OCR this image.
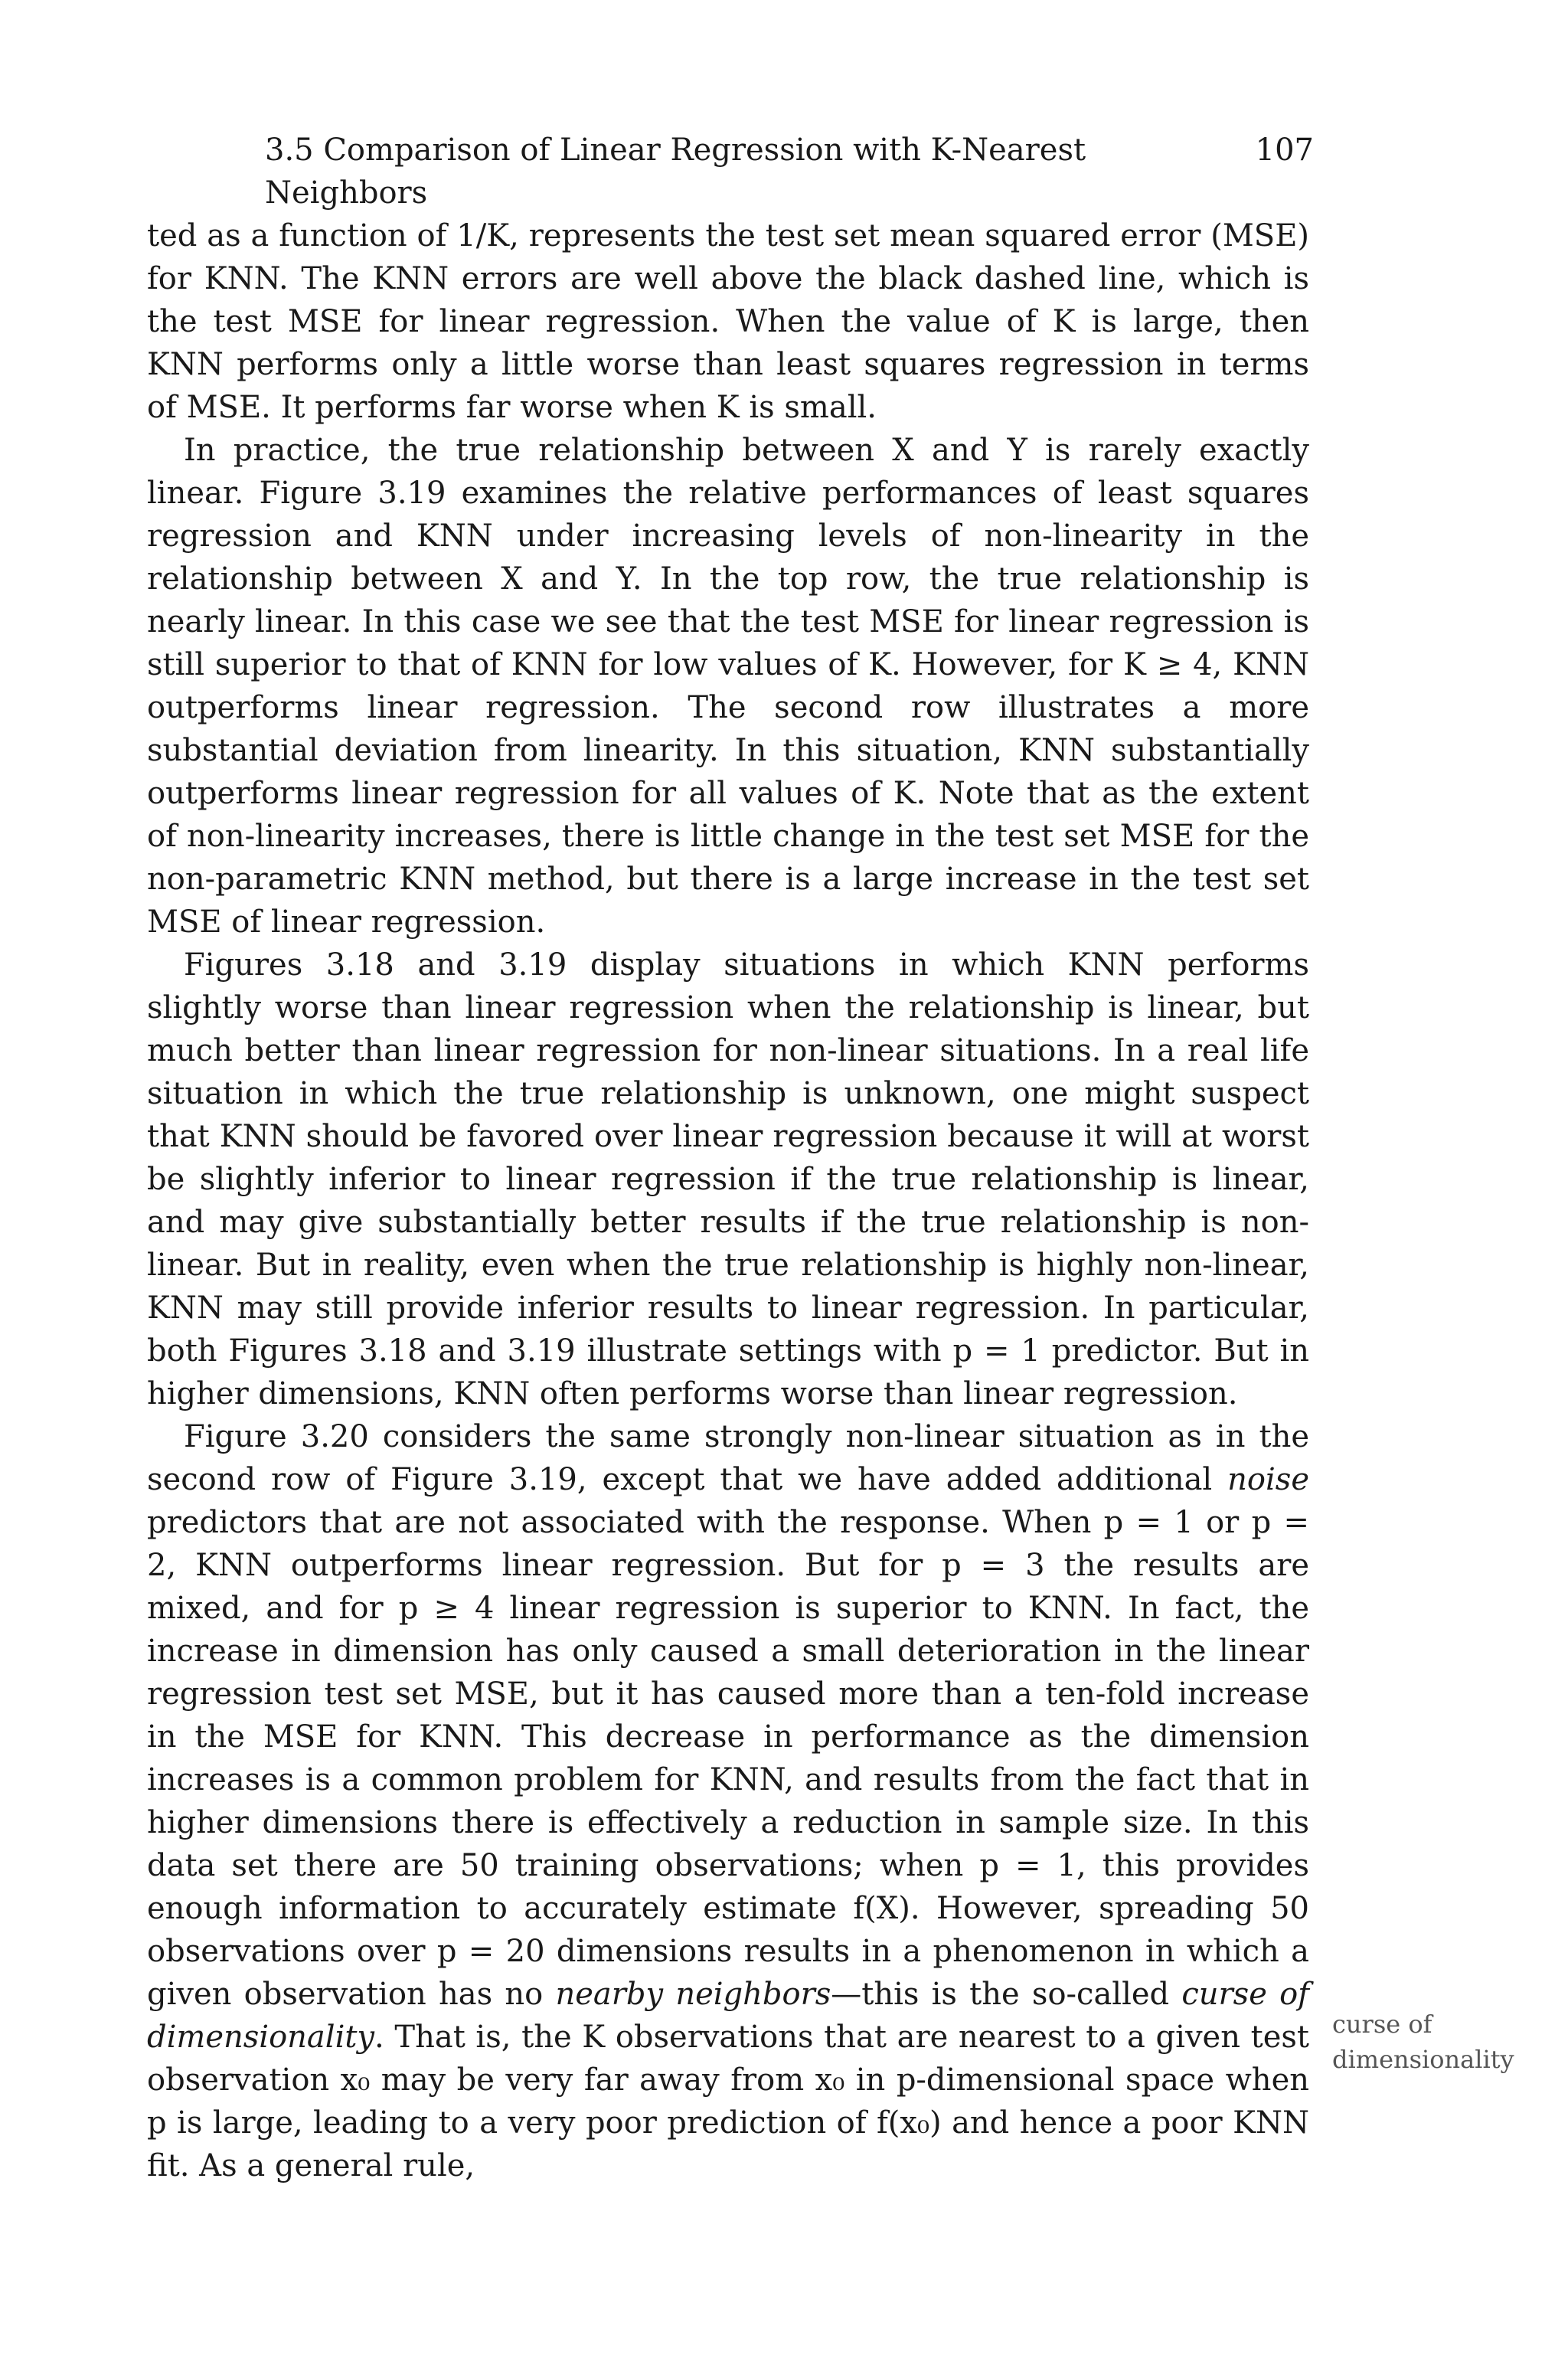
3.5 Comparison of Linear Regression with K-Nearest Neighbors
107

ted as a function of 1/K, represents the test set mean squared error (MSE) for KNN. The KNN errors are well above the black dashed line, which is the test MSE for linear regression. When the value of K is large, then KNN performs only a little worse than least squares regression in terms of MSE. It performs far worse when K is small.

In practice, the true relationship between X and Y is rarely exactly linear. Figure 3.19 examines the relative performances of least squares regression and KNN under increasing levels of non-linearity in the relationship between X and Y. In the top row, the true relationship is nearly linear. In this case we see that the test MSE for linear regression is still superior to that of KNN for low values of K. However, for K ≥ 4, KNN outperforms linear regression. The second row illustrates a more substantial deviation from linearity. In this situation, KNN substantially outperforms linear regression for all values of K. Note that as the extent of non-linearity increases, there is little change in the test set MSE for the non-parametric KNN method, but there is a large increase in the test set MSE of linear regression.

Figures 3.18 and 3.19 display situations in which KNN performs slightly worse than linear regression when the relationship is linear, but much better than linear regression for non-linear situations. In a real life situation in which the true relationship is unknown, one might suspect that KNN should be favored over linear regression because it will at worst be slightly inferior to linear regression if the true relationship is linear, and may give substantially better results if the true relationship is non-linear. But in reality, even when the true relationship is highly non-linear, KNN may still provide inferior results to linear regression. In particular, both Figures 3.18 and 3.19 illustrate settings with p = 1 predictor. But in higher dimensions, KNN often performs worse than linear regression.

Figure 3.20 considers the same strongly non-linear situation as in the second row of Figure 3.19, except that we have added additional noise predictors that are not associated with the response. When p = 1 or p = 2, KNN outperforms linear regression. But for p = 3 the results are mixed, and for p ≥ 4 linear regression is superior to KNN. In fact, the increase in dimension has only caused a small deterioration in the linear regression test set MSE, but it has caused more than a ten-fold increase in the MSE for KNN. This decrease in performance as the dimension increases is a common problem for KNN, and results from the fact that in higher dimensions there is effectively a reduction in sample size. In this data set there are 50 training observations; when p = 1, this provides enough information to accurately estimate f(X). However, spreading 50 observations over p = 20 dimensions results in a phenomenon in which a given observation has no nearby neighbors—this is the so-called curse of dimensionality. That is, the K observations that are nearest to a given test observation x₀ may be very far away from x₀ in p-dimensional space when p is large, leading to a very poor prediction of f(x₀) and hence a poor KNN fit. As a general rule,

curse of dimensionality
